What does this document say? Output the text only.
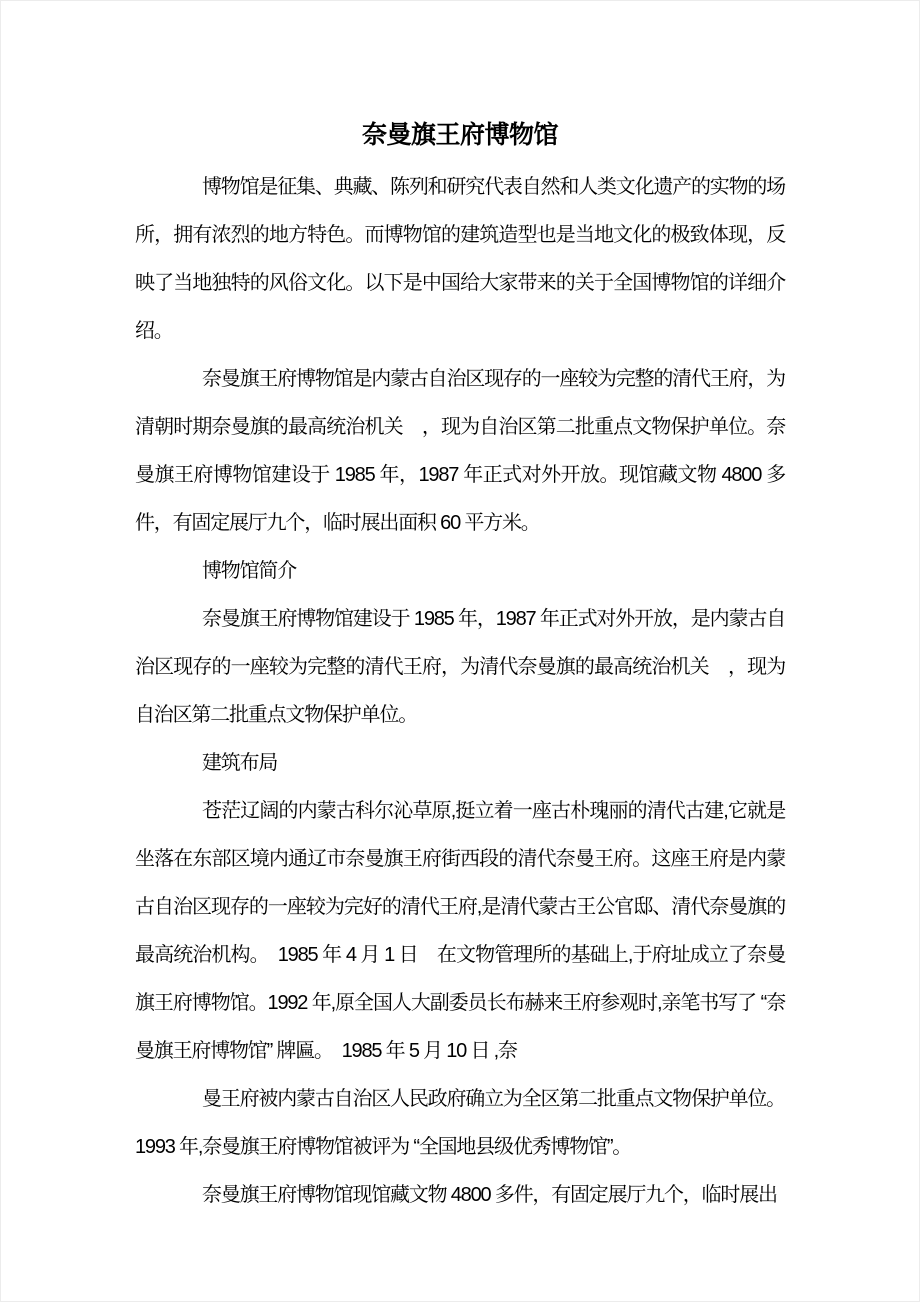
奈曼旗王府博物馆

博物馆是征集、典藏、陈列和研究代表自然和人类文化遗产的实物的场所，拥有浓烈的地方特色。而博物馆的建筑造型也是当地文化的极致体现，反映了当地独特的风俗文化。以下是中国给大家带来的关于全国博物馆的详细介绍。

奈曼旗王府博物馆是内蒙古自治区现存的一座较为完整的清代王府，为清朝时期奈曼旗的最高统治机关　，现为自治区第二批重点文物保护单位。奈曼旗王府博物馆建设于 1985 年，1987 年正式对外开放。现馆藏文物 4800 多件，有固定展厅九个，临时展出面积 60 平方米。

博物馆简介

奈曼旗王府博物馆建设于 1985 年，1987 年正式对外开放，是内蒙古自治区现存的一座较为完整的清代王府，为清代奈曼旗的最高统治机关　，现为自治区第二批重点文物保护单位。

建筑布局

苍茫辽阔的内蒙古科尔沁草原,挺立着一座古朴瑰丽的清代古建,它就是坐落在东部区境内通辽市奈曼旗王府街西段的清代奈曼王府。这座王府是内蒙古自治区现存的一座较为完好的清代王府,是清代蒙古王公官邸、清代奈曼旗的最高统治机构。　1985 年 4 月 1 日　在文物管理所的基础上,于府址成立了奈曼旗王府博物馆。1992 年,原全国人大副委员长布赫来王府参观时,亲笔书写了 “奈曼旗王府博物馆” 牌匾。　1985 年 5 月 10 日 ,奈

曼王府被内蒙古自治区人民政府确立为全区第二批重点文物保护单位。1993 年,奈曼旗王府博物馆被评为 “全国地县级优秀博物馆”。

奈曼旗王府博物馆现馆藏文物 4800 多件，有固定展厅九个，临时展出
